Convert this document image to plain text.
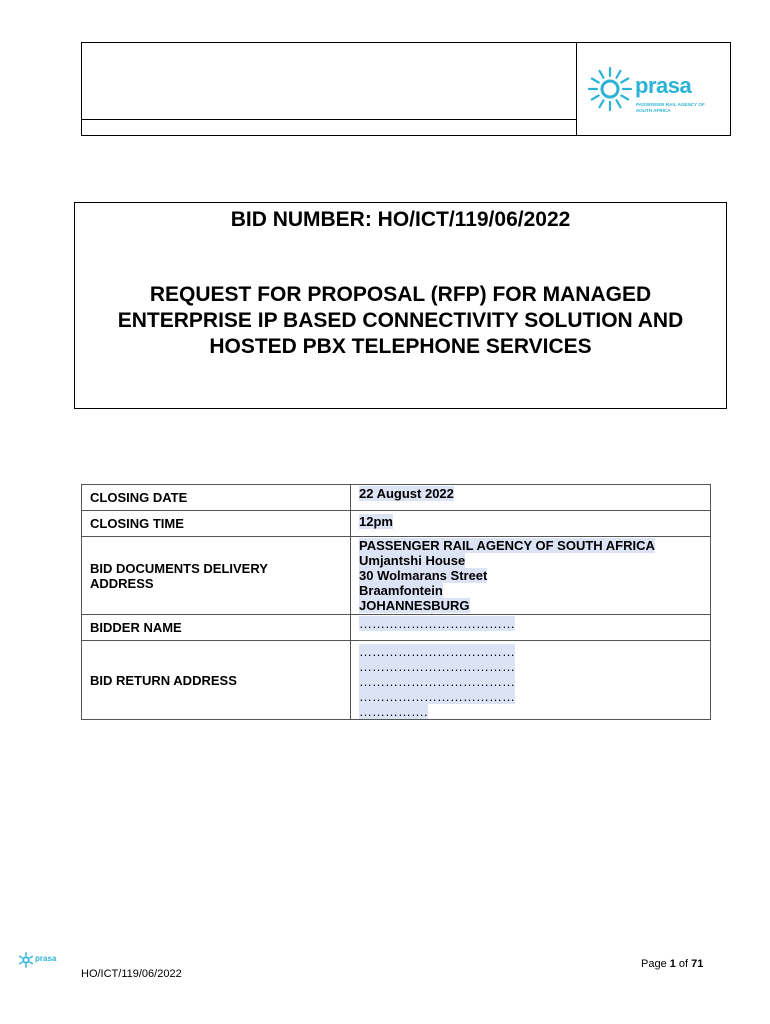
prasa
PASSENGER RAIL AGENCY OF SOUTH AFRICA
BID NUMBER: HO/ICT/119/06/2022
REQUEST FOR PROPOSAL (RFP) FOR MANAGED
ENTERPRISE IP BASED CONNECTIVITY SOLUTION AND
HOSTED PBX TELEPHONE SERVICES
CLOSING DATE	22 August 2022
CLOSING TIME	12pm
BID DOCUMENTS DELIVERY ADDRESS	PASSENGER RAIL AGENCY OF SOUTH AFRICA
Umjantshi House
30 Wolmarans Street
Braamfontein
JOHANNESBURG

BIDDER NAME	………………………………
BID RETURN ADDRESS	………………………………
………………………………
………………………………
………………………………
…………….
prasa	Page 1 of 71
HO/ICT/119/06/2022
